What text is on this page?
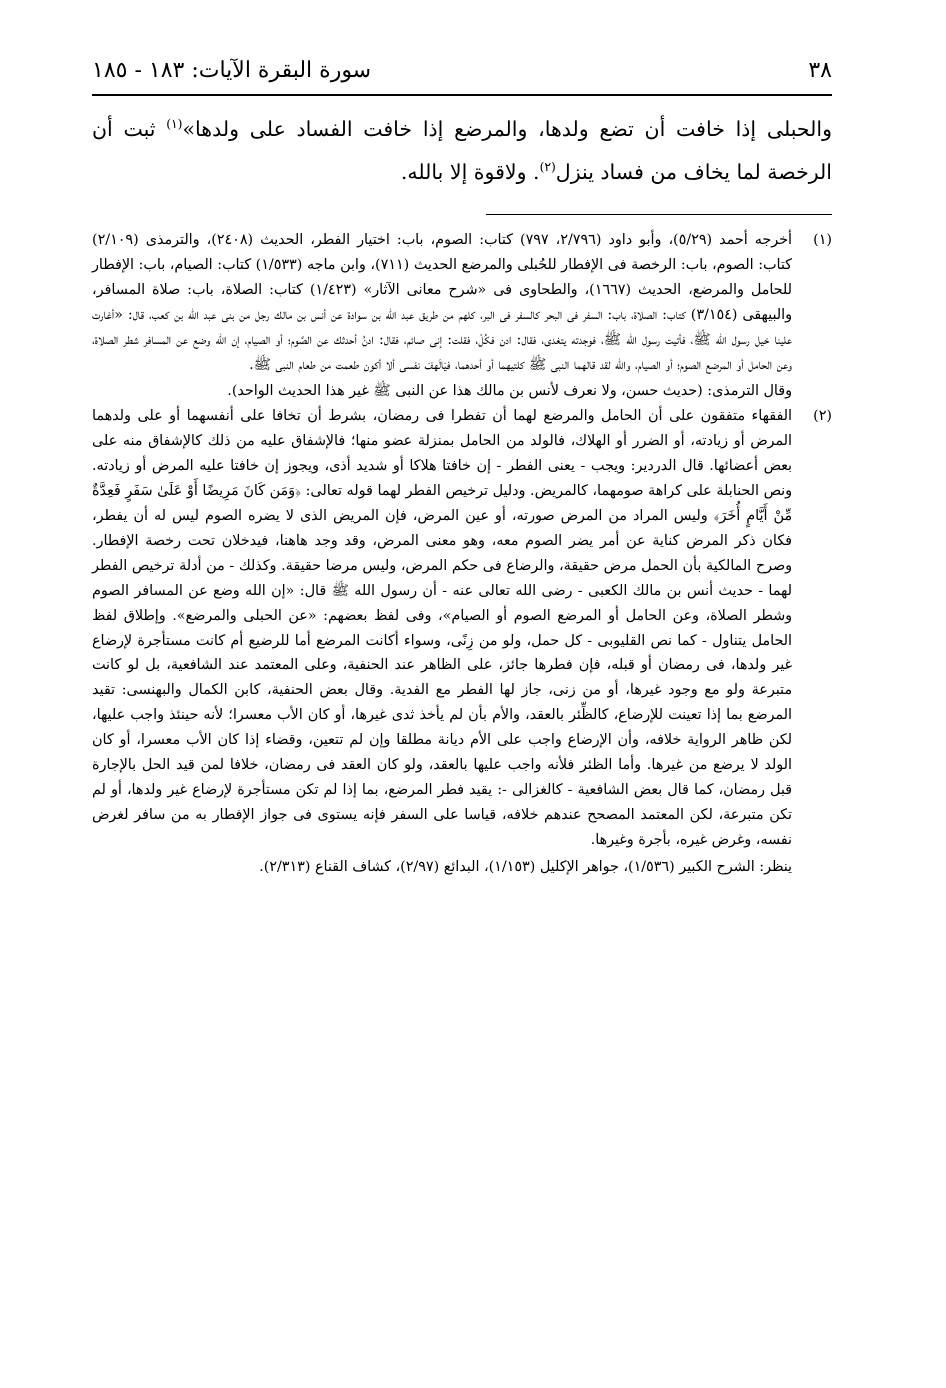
٣٨
سورة البقرة الآيات: ١٨٣ - ١٨٥

والحبلى إذا خافت أن تضع ولدها، والمرضع إذا خافت الفساد على ولدها»$^{(١)}$ ثبت أن الرخصة لما يخاف من فساد ينزل$^{(٢)}$. ولاقوة إلا بالله.

(١)

أخرجه أحمد (٥/٢٩)، وأبو داود (٢/٧٩٦، ٧٩٧) كتاب: الصوم، باب: اختيار الفطر، الحديث (٢٤٠٨)، والترمذى (٢/١٠٩) كتاب: الصوم، باب: الرخصة فى الإفطار للحُبلى والمرضع الحديث (٧١١)، وابن ماجه (١/٥٣٣) كتاب: الصيام، باب: الإفطار للحامل والمرضع، الحديث (١٦٦٧)، والطحاوى فى «شرح معانى الآثار» (١/٤٢٣) كتاب: الصلاة، باب: صلاة المسافر، والبيهقى (٣/١٥٤) كتاب: الصلاة، باب: السفر فى البحر كالسفر فى البر، كلهم من طريق عبد الله بن سوادة عن أنس بن مالك رجل من بنى عبد الله بن كعب، قال: «أغارت علينا خيل رسول الله ﷺ، فأتيت رسول الله ﷺ، فوجدته يتغدى، فقال: ادن فكُلْ، فقلت: إنى صائم، فقال: ادنُ أحدثك عن الصَّوم؛ أو الصيام، إن الله وضع عن المسافر شطر الصلاة، وعن الحامل أو المرضع الصوم؛ أو الصيام، والله لقد قالهما النبى ﷺ كلتيهما أو أحدهما، فيَالَهفَ نفسى ألا أكون طعمت من طعام النبى ﷺ.

وقال الترمذى: (حديث حسن، ولا نعرف لأنس بن مالك هذا عن النبى ﷺ غير هذا الحديث الواحد).

(٢)

الفقهاء متفقون على أن الحامل والمرضع لهما أن تفطرا فى رمضان، بشرط أن تخافا على أنفسهما أو على ولدهما المرض أو زيادته، أو الضرر أو الهلاك، فالولد من الحامل بمنزلة عضو منها؛ فالإشفاق عليه من ذلك كالإشفاق منه على بعض أعضائها. قال الدردير: ويجب - يعنى الفطر - إن خافتا هلاكا أو شديد أذى، ويجوز إن خافتا عليه المرض أو زيادته. ونص الحنابلة على كراهة صومهما، كالمريض. ودليل ترخيص الفطر لهما قوله تعالى: ﴿وَمَن كَانَ مَرِيضًا أَوْ عَلَىٰ سَفَرٍ فَعِدَّةٌ مِّنْ أَيَّامٍ أُخَرَ﴾ وليس المراد من المرض صورته، أو عين المرض، فإن المريض الذى لا يضره الصوم ليس له أن يفطر، فكان ذكر المرض كناية عن أمر يضر الصوم معه، وهو معنى المرض، وقد وجد هاهنا، فيدخلان تحت رخصة الإفطار. وصرح المالكية بأن الحمل مرض حقيقة، والرضاع فى حكم المرض، وليس مرضا حقيقة. وكذلك - من أدلة ترخيص الفطر لهما - حديث أنس بن مالك الكعبى - رضى الله تعالى عنه - أن رسول الله ﷺ قال: «إن الله وضع عن المسافر الصوم وشطر الصلاة، وعن الحامل أو المرضع الصوم أو الصيام»، وفى لفظ بعضهم: «عن الحبلى والمرضع». وإطلاق لفظ الحامل يتناول - كما نص القليوبى - كل حمل، ولو من زِنًى، وسواء أكانت المرضع أما للرضيع أم كانت مستأجرة لإرضاع غير ولدها، فى رمضان أو قبله، فإن فطرها جائز، على الظاهر عند الحنفية، وعلى المعتمد عند الشافعية، بل لو كانت متبرعة ولو مع وجود غيرها، أو من زنى، جاز لها الفطر مع الفدية. وقال بعض الحنفية، كابن الكمال والبهنسى: تقيد المرضع بما إذا تعينت للإرضاع، كالظِّئر بالعقد، والأم بأن لم يأخذ ثدى غيرها، أو كان الأب معسرا؛ لأنه حينئذ واجب عليها، لكن ظاهر الرواية خلافه، وأن الإرضاع واجب على الأم ديانة مطلقا وإن لم تتعين، وقضاء إذا كان الأب معسرا، أو كان الولد لا يرضع من غيرها. وأما الظئر فلأنه واجب عليها بالعقد، ولو كان العقد فى رمضان، خلافا لمن قيد الحل بالإجارة قبل رمضان، كما قال بعض الشافعية - كالغزالى -: يقيد فطر المرضع، بما إذا لم تكن مستأجرة لإرضاع غير ولدها، أو لم تكن متبرعة، لكن المعتمد المصحح عندهم خلافه، قياسا على السفر فإنه يستوى فى جواز الإفطار به من سافر لغرض نفسه، وغرض غيره، بأجرة وغيرها.

ينظر: الشرح الكبير (١/٥٣٦)، جواهر الإكليل (١/١٥٣)، البدائع (٢/٩٧)، كشاف القناع (٢/٣١٣).
